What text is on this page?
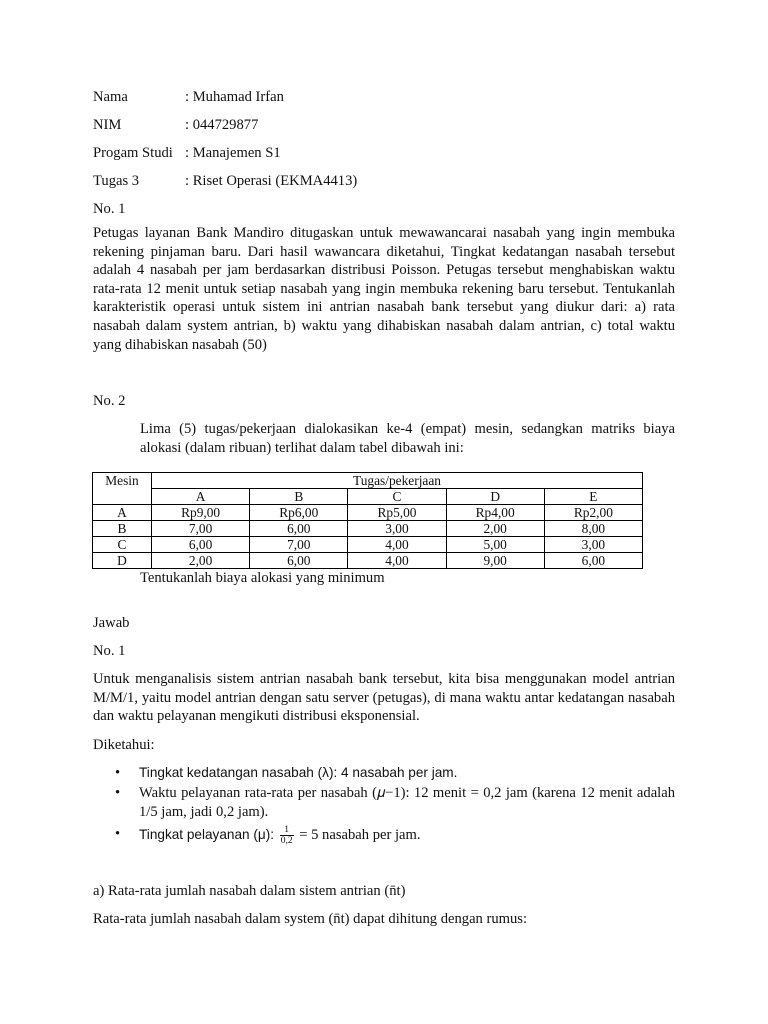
Nama	: Muhamad Irfan
NIM	: 044729877
Progam Studi : Manajemen S1
Tugas 3	: Riset Operasi (EKMA4413)
No. 1
Petugas layanan Bank Mandiro ditugaskan untuk mewawancarai nasabah yang ingin membuka rekening pinjaman baru. Dari hasil wawancara diketahui, Tingkat kedatangan nasabah tersebut adalah 4 nasabah per jam berdasarkan distribusi Poisson. Petugas tersebut menghabiskan waktu rata-rata 12 menit untuk setiap nasabah yang ingin membuka rekening baru tersebut. Tentukanlah karakteristik operasi untuk sistem ini antrian nasabah bank tersebut yang diukur dari: a) rata nasabah dalam system antrian, b) waktu yang dihabiskan nasabah dalam antrian, c) total waktu yang dihabiskan nasabah (50)
No. 2
Lima (5) tugas/pekerjaan dialokasikan ke-4 (empat) mesin, sedangkan matriks biaya alokasi (dalam ribuan) terlihat dalam tabel dibawah ini:
Mesin	Tugas/pekerjaan				
	A	B	C	D	E
A	Rp9,00	Rp6,00	Rp5,00	Rp4,00	Rp2,00
B	7,00	6,00	3,00	2,00	8,00
C	6,00	7,00	4,00	5,00	3,00
D	2,00	6,00	4,00	9,00	6,00
Tentukanlah biaya alokasi yang minimum
Jawab
No. 1
Untuk menganalisis sistem antrian nasabah bank tersebut, kita bisa menggunakan model antrian M/M/1, yaitu model antrian dengan satu server (petugas), di mana waktu antar kedatangan nasabah dan waktu pelayanan mengikuti distribusi eksponensial.
Diketahui:
• Tingkat kedatangan nasabah (λ): 4 nasabah per jam.
• Waktu pelayanan rata-rata per nasabah (𝜇−1): 12 menit = 0,2 jam (karena 12 menit adalah 1/5 jam, jadi 0,2 jam).
• Tingkat pelayanan (μ): $\frac{1}{0,2} = 5$ nasabah per jam.
a) Rata-rata jumlah nasabah dalam sistem antrian (n̄t)
Rata-rata jumlah nasabah dalam system (n̄t) dapat dihitung dengan rumus:
